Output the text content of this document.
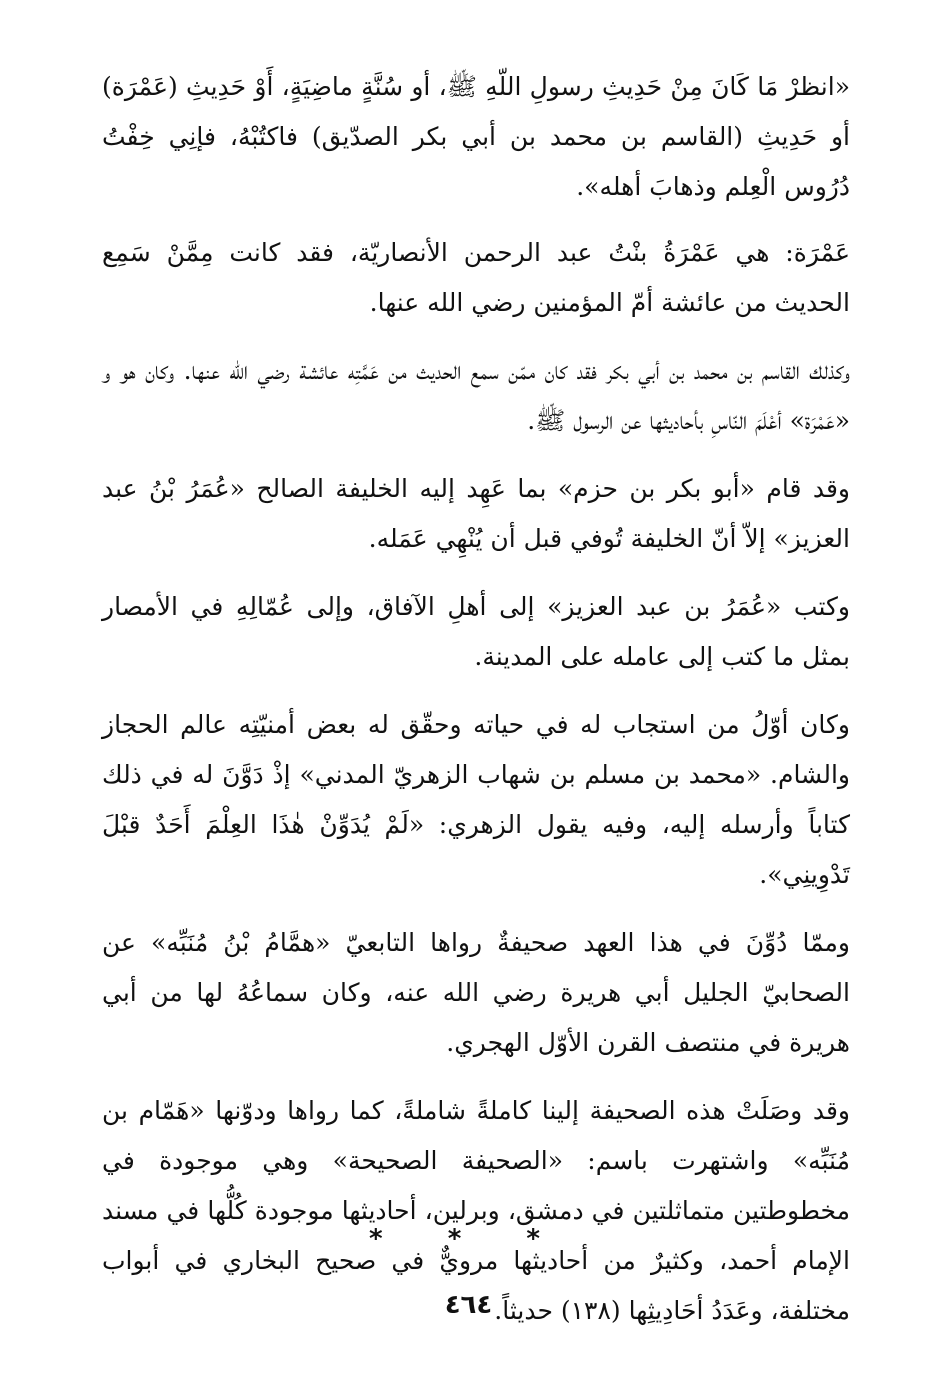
«انظرْ مَا كَانَ مِنْ حَدِيثِ رسولِ اللّهِ ﷺ، أو سُنَّةٍ ماضِيَةٍ، أَوْ حَدِيثِ (عَمْرَة) أو حَدِيثِ (القاسم بن محمد بن أبي بكر الصدّيق) فاكتُبْهُ، فإنِي خِفْتُ دُرُوس الْعِلم وذهابَ أهله».

عَمْرَة: هي عَمْرَةُ بنْتُ عبد الرحمن الأنصاريّة، فقد كانت مِمَّنْ سَمِع الحديث من عائشة أمّ المؤمنين رضي الله عنها.

وكذلك القاسم بن محمد بن أبي بكر فقد كان ممّن سمع الحديث من عَمَّتِه عائشة رضي الله عنها. وكان هو و «عَمْرَة» أعْلَمَ النّاسِ بأحاديثها عن الرسول ﷺ.

وقد قام «أبو بكر بن حزم» بما عَهِد إليه الخليفة الصالح «عُمَرُ بْنُ عبد العزيز» إلاّ أنّ الخليفة تُوفي قبل أن يُنْهِي عَمَله.

وكتب «عُمَرُ بن عبد العزيز» إلى أهلِ الآفاق، وإلى عُمّالِهِ في الأمصار بمثل ما كتب إلى عامله على المدينة.

وكان أوّلُ من استجاب له في حياته وحقّق له بعض أمنيّتِه عالم الحجاز والشام. «محمد بن مسلم بن شهاب الزهريّ المدني» إذْ دَوَّنَ له في ذلك كتاباً وأرسله إليه، وفيه يقول الزهري: «لَمْ يُدَوِّنْ هٰذَا العِلْمَ أَحَدٌ قبْلَ تَدْوِينِي».

وممّا دُوِّنَ في هذا العهد صحيفةٌ رواها التابعيّ «همَّامُ بْنُ مُنَبِّه» عن الصحابيّ الجليل أبي هريرة رضي الله عنه، وكان سماعُهُ لها من أبي هريرة في منتصف القرن الأوّل الهجري.

وقد وصَلَتْ هذه الصحيفة إلينا كاملةً شاملةً، كما رواها ودوّنها «هَمّام بن مُنَبِّه» واشتهرت باسم: «الصحيفة الصحيحة» وهي موجودة في مخطوطتين متماثلتين في دمشق، وبرلين، أحاديثها موجودة كُلُّها في مسند الإمام أحمد، وكثيرٌ من أحاديثها مرويٌّ في صحيح البخاري في أبواب مختلفة، وعَدَدُ أحَادِيثِها (١٣٨) حديثاً.

* * *
٤٦٤
